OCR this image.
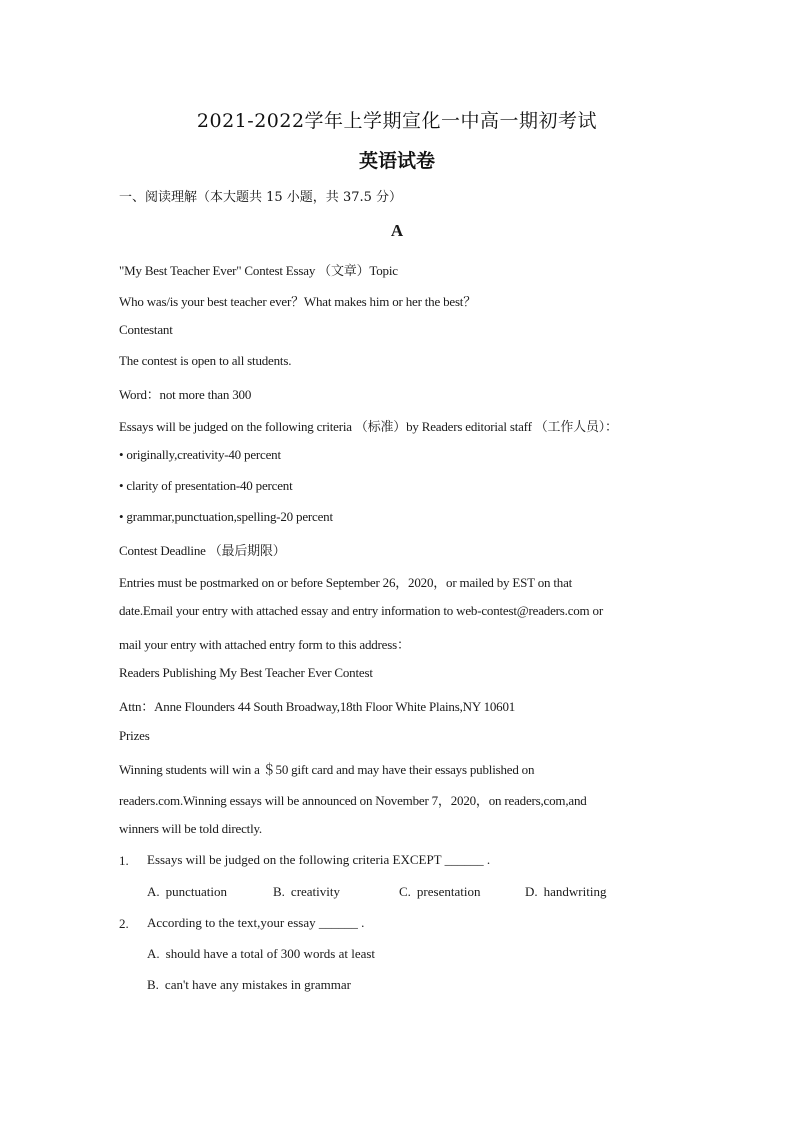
2021-2022学年上学期宣化一中高一期初考试
英语试卷
一、阅读理解（本大题共 15 小题，共 37.5 分）
A
"My Best Teacher Ever" Contest Essay （文章）Topic
Who was/is your best teacher ever？What makes him or her the best？
Contestant
The contest is open to all students.
Word：not more than 300
Essays will be judged on the following criteria （标准）by Readers editorial staff （工作人员）：
• originally,creativity-40 percent
• clarity of presentation-40 percent
• grammar,punctuation,spelling-20 percent
Contest Deadline （最后期限）
Entries must be postmarked on or before September 26，2020，or mailed by EST on that
date.Email your entry with attached essay and entry information to web-contest@readers.com or
mail your entry with attached entry form to this address：
Readers Publishing My Best Teacher Ever Contest
Attn：Anne Flounders 44 South Broadway,18th Floor White Plains,NY 10601
Prizes
Winning students will win a ＄50 gift card and may have their essays published on
readers.com.Winning essays will be announced on November 7，2020，on readers,com,and
winners will be told directly.
1. Essays will be judged on the following criteria EXCEPT ______ .
A. punctuation	B. creativity	C. presentation	D. handwriting
2. According to the text,your essay ______ .
A. should have a total of 300 words at least
B. can't have any mistakes in grammar
